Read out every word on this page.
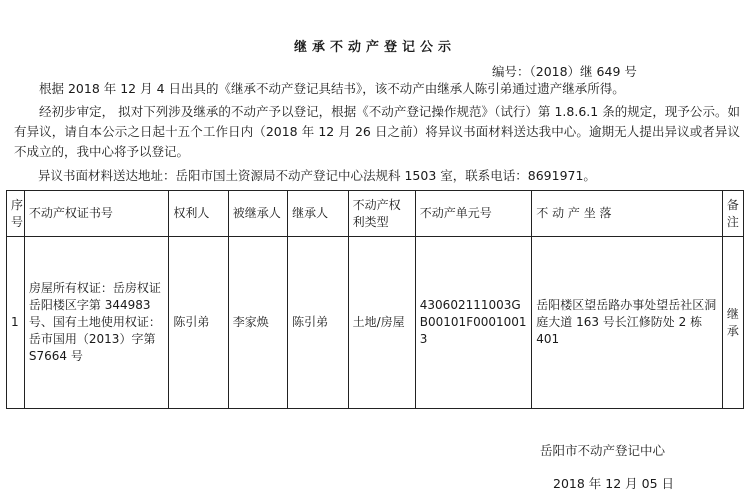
继承不动产登记公示
编号：（2018）继 649 号
根据 2018 年 12 月 4 日出具的《继承不动产登记具结书》，该不动产由继承人陈引弟通过遗产继承所得。
经初步审定， 拟对下列涉及继承的不动产予以登记，根据《不动产登记操作规范》（试行）第 1.8.6.1 条的规定，现予公示。如有异议，请自本公示之日起十五个工作日内（2018 年 12 月 26 日之前）将异议书面材料送达我中心。逾期无人提出异议或者异议不成立的，我中心将予以登记。
异议书面材料送达地址：岳阳市国土资源局不动产登记中心法规科 1503 室，联系电话：8691971。
序号	不动产权证书号	权利人	被继承人	继承人	不动产权利类型	不动产单元号	不 动 产 坐 落	备注
1	房屋所有权证：岳房权证岳阳楼区字第 344983 号、国有土地使用权证：岳市国用（2013）字第 S7664 号	陈引弟	李家焕	陈引弟	土地/房屋	430602111003GB00101F00010013	岳阳楼区望岳路办事处望岳社区洞庭大道 163 号长江修防处 2 栋 401	继承
岳阳市不动产登记中心
2018 年 12 月 05 日
